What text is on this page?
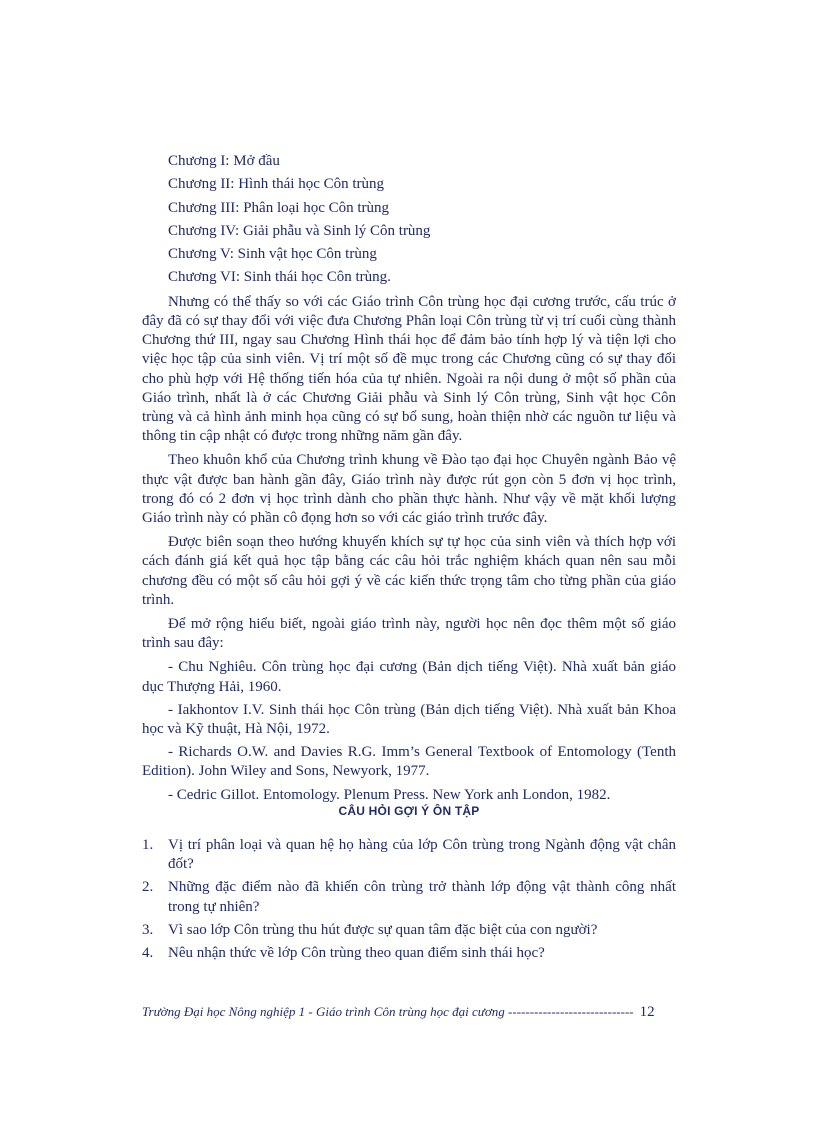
Chương I: Mở đầu

Chương II: Hình thái học Côn trùng

Chương III: Phân loại học Côn trùng

Chương IV: Giải phẫu và Sinh lý Côn trùng

Chương V: Sinh vật học Côn trùng

Chương VI: Sinh thái học Côn trùng.

Nhưng có thể thấy so với các Giáo trình Côn trùng học đại cương trước, cấu trúc ở đây đã có sự thay đổi với việc đưa Chương Phân loại Côn trùng từ vị trí cuối cùng thành Chương thứ III, ngay sau Chương Hình thái học để đảm bảo tính hợp lý và tiện lợi cho việc học tập của sinh viên. Vị trí một số đề mục trong các Chương cũng có sự thay đổi cho phù hợp với Hệ thống tiến hóa của tự nhiên. Ngoài ra nội dung ở một số phần của Giáo trình, nhất là ở các Chương Giải phẫu và Sinh lý Côn trùng, Sinh vật học Côn trùng và cả hình ảnh minh họa cũng có sự bổ sung, hoàn thiện nhờ các nguồn tư liệu và thông tin cập nhật có được trong những năm gần đây.

Theo khuôn khổ của Chương trình khung về Đào tạo đại học Chuyên ngành Bảo vệ thực vật được ban hành gần đây, Giáo trình này được rút gọn còn 5 đơn vị học trình, trong đó có 2 đơn vị học trình dành cho phần thực hành. Như vậy về mặt khối lượng Giáo trình này có phần cô đọng hơn so với các giáo trình trước đây.

Được biên soạn theo hướng khuyến khích sự tự học của sinh viên và thích hợp với cách đánh giá kết quả học tập bằng các câu hỏi trắc nghiệm khách quan nên sau mỗi chương đều có một số câu hỏi gợi ý về các kiến thức trọng tâm cho từng phần của giáo trình.

Để mở rộng hiểu biết, ngoài giáo trình này, người học nên đọc thêm một số giáo trình sau đây:

- Chu Nghiêu. Côn trùng học đại cương (Bản dịch tiếng Việt). Nhà xuất bản giáo dục Thượng Hải, 1960.

- Iakhontov I.V. Sinh thái học Côn trùng (Bản dịch tiếng Việt). Nhà xuất bản Khoa học và Kỹ thuật, Hà Nội, 1972.

- Richards O.W. and Davies R.G. Imm’s General Textbook of Entomology (Tenth Edition). John Wiley and Sons, Newyork, 1977.

- Cedric Gillot. Entomology. Plenum Press. New York anh London, 1982.

CÂU HỎI GỢI Ý ÔN TẬP
1. Vị trí phân loại và quan hệ họ hàng của lớp Côn trùng trong Ngành động vật chân đốt?
2. Những đặc điểm nào đã khiến côn trùng trở thành lớp động vật thành công nhất trong tự nhiên?
3. Vì sao lớp Côn trùng thu hút được sự quan tâm đặc biệt của con người?
4. Nêu nhận thức về lớp Côn trùng theo quan điểm sinh thái học?
Trường Đại học Nông nghiệp 1 - Giáo trình Côn trùng học đại cương ----------------------------- 12
